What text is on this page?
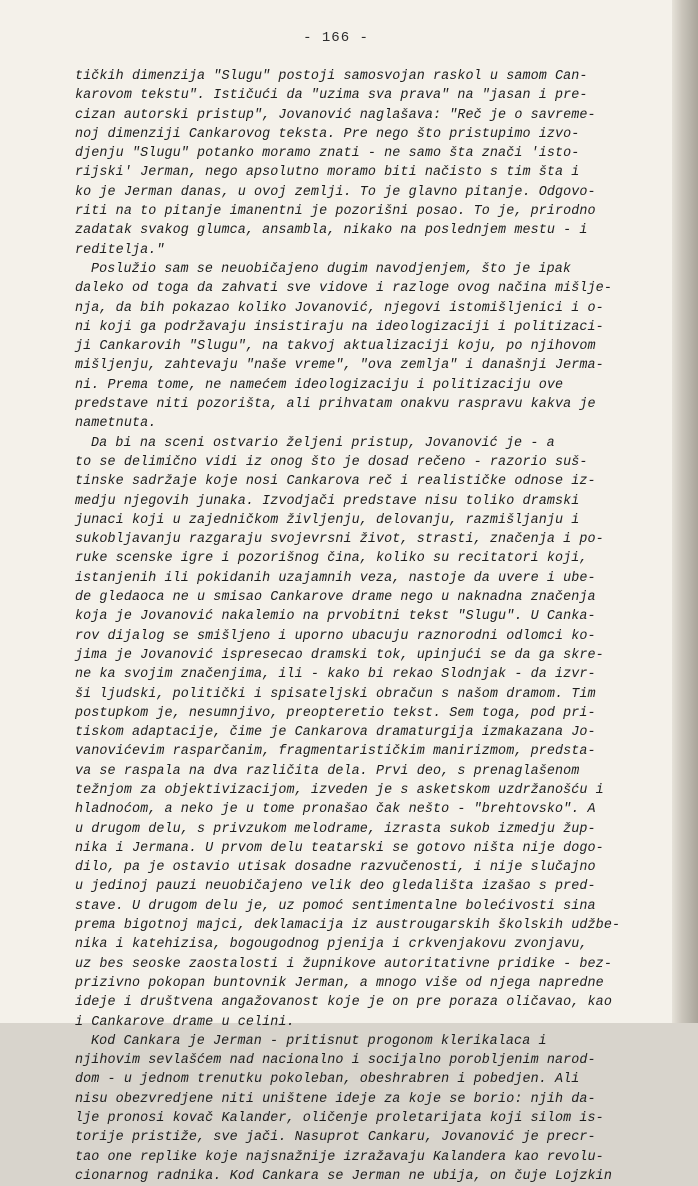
- 166 -
tičkih dimenzija "Slugu" postoji samosvojan raskol u samom Can-
karovom tekstu". Ističući da "uzima sva prava" na "jasan i pre-
cizan autorski pristup", Jovanović naglašava: "Reč je o savreme-
noj dimenziji Cankarovog teksta. Pre nego što pristupimo izvo-
djenju "Slugu" potanko moramo znati - ne samo šta znači 'isto-
rijski' Jerman, nego apsolutno moramo biti načisto s tim šta i
ko je Jerman danas, u ovoj zemlji. To je glavno pitanje. Odgovo-
riti na to pitanje imanentni je pozorišni posao. To je, prirodno
zadatak svakog glumca, ansambla, nikako na poslednjem mestu - i
reditelja."
Poslužio sam se neuobičajeno dugim navodjenjem, što je ipak
daleko od toga da zahvati sve vidove i razloge ovog načina mišlje-
nja, da bih pokazao koliko Jovanović, njegovi istomišljenici i o-
ni koji ga podržavaju insistiraju na ideologizaciji i politizaci-
ji Cankarovih "Slugu", na takvoj aktualizaciji koju, po njihovom
mišljenju, zahtevaju "naše vreme", "ova zemlja" i današnji Jerma-
ni. Prema tome, ne namećem ideologizaciju i politizaciju ove
predstave niti pozorišta, ali prihvatam onakvu raspravu kakva je
nametnuta.
Da bi na sceni ostvario željeni pristup, Jovanović je - a
to se delimično vidi iz onog što je dosad rečeno - razorio suš-
tinske sadržaje koje nosi Cankarova reč i realističke odnose iz-
medju njegovih junaka. Izvodjači predstave nisu toliko dramski
junaci koji u zajedničkom življenju, delovanju, razmišljanju i
sukobljavanju razgaraju svojevrsni život, strasti, značenja i po-
ruke scenske igre i pozorišnog čina, koliko su recitatori koji,
istanjenih ili pokidanih uzajamnih veza, nastoje da uvere i ube-
de gledaoca ne u smisao Cankarove drame nego u naknadna značenja
koja je Jovanović nakalemio na prvobitni tekst "Slugu". U Canka-
rov dijalog se smišljeno i uporno ubacuju raznorodni odlomci ko-
jima je Jovanović ispresecao dramski tok, upinjući se da ga skre-
ne ka svojim značenjima, ili - kako bi rekao Slodnjak - da izvr-
ši ljudski, politički i spisateljski obračun s našom dramom. Tim
postupkom je, nesumnjivo, preopteretio tekst. Sem toga, pod pri-
tiskom adaptacije, čime je Cankarova dramaturgija izmakazana Jo-
vanovićevim rasparčanim, fragmentarističkim manirizmom, predsta-
va se raspala na dva različita dela. Prvi deo, s prenaglašenom
težnjom za objektivizacijom, izveden je s asketskom uzdržanošću i
hladnoćom, a neko je u tome pronašao čak nešto - "brehtovsko". A
u drugom delu, s privzukom melodrame, izrasta sukob izmedju žup-
nika i Jermana. U prvom delu teatarski se gotovo ništa nije dogo-
dilo, pa je ostavio utisak dosadne razvučenosti, i nije slučajno
u jedinoj pauzi neuobičajeno velik deo gledališta izašao s pred-
stave. U drugom delu je, uz pomoć sentimentalne bolećivosti sina
prema bigotnoj majci, deklamacija iz austrougarskih školskih udžbe-
nika i katehizisa, bogougodnog pjenija i crkvenjakovu zvonjavu,
uz bes seoske zaostalosti i župnikove autoritativne pridike - bez-
prizivno pokopan buntovnik Jerman, a mnogo više od njega napredne
ideje i društvena angažovanost koje je on pre poraza oličavao, kao
i Cankarove drame u celini.
Kod Cankara je Jerman - pritisnut progonom klerikalaca i
njihovim sevlašćem nad nacionalno i socijalno porobljenim narod-
dom - u jednom trenutku pokoleban, obeshrabren i pobedjen. Ali
nisu obezvredjene niti uništene ideje za koje se borio: njih da-
lje pronosi kovač Kalander, oličenje proletarijata koji silom is-
torije pristiže, sve jači. Nasuprot Cankaru, Jovanović je precr-
tao one replike koje najsnažnije izražavaju Kalandera kao revolu-
cionarnog radnika. Kod Cankara se Jerman ne ubija, on čuje Lojzkin
